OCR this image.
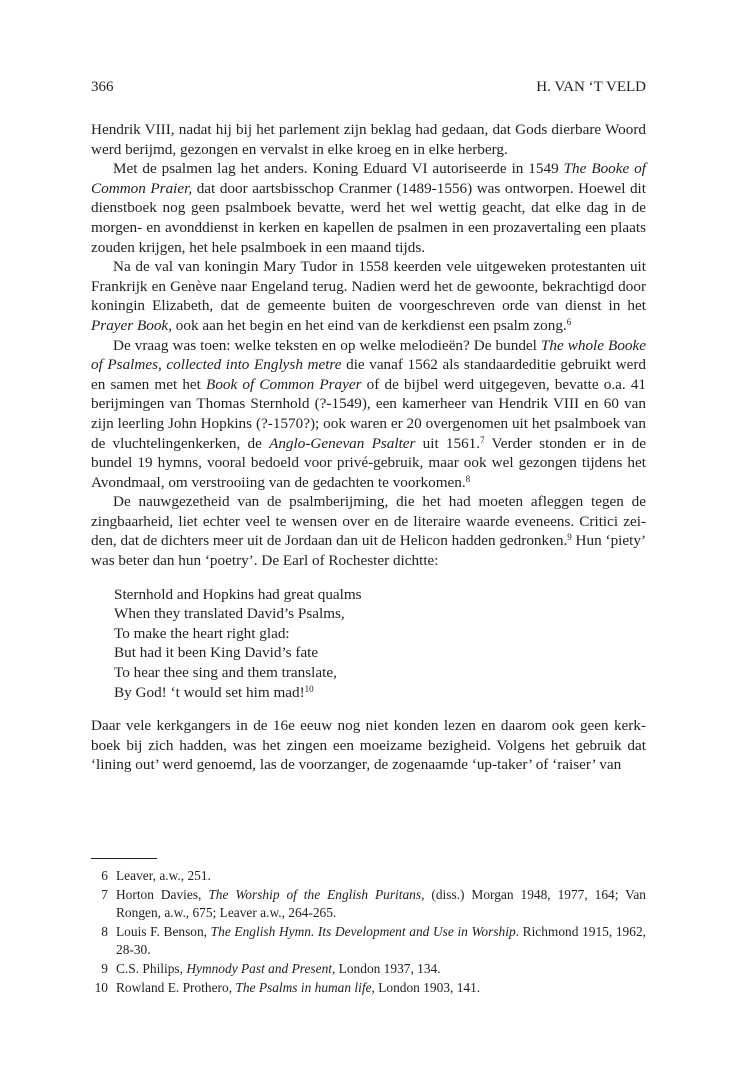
366	H. VAN ‘T VELD

Hendrik VIII, nadat hij bij het parlement zijn beklag had gedaan, dat Gods dierbare Woord werd berijmd, gezongen en vervalst in elke kroeg en in elke herberg.

Met de psalmen lag het anders. Koning Eduard VI autoriseerde in 1549 The Booke of Common Praier, dat door aartsbisschop Cranmer (1489-1556) was ontworpen. Hoewel dit dienstboek nog geen psalmboek bevatte, werd het wel wettig geacht, dat elke dag in de morgen- en avonddienst in kerken en kapellen de psalmen in een prozavertaling een plaats zouden krijgen, het hele psalmboek in een maand tijds.

Na de val van koningin Mary Tudor in 1558 keerden vele uitgeweken protestanten uit Frankrijk en Genève naar Engeland terug. Nadien werd het de gewoonte, bekrachtigd door koningin Elizabeth, dat de gemeente buiten de voorgeschreven orde van dienst in het Prayer Book, ook aan het begin en het eind van de kerkdienst een psalm zong.$^6$

De vraag was toen: welke teksten en op welke melodieën? De bundel The whole Booke of Psalmes, collected into Englysh metre die vanaf 1562 als standaardeditie gebruikt werd en samen met het Book of Common Prayer of de bijbel werd uitgegeven, bevatte o.a. 41 berijmingen van Thomas Sternhold (?-1549), een kamerheer van Hendrik VIII en 60 van zijn leerling John Hopkins (?-1570?); ook waren er 20 overgenomen uit het psalmboek van de vluchtelingenkerken, de Anglo-Genevan Psalter uit 1561.$^7$ Verder stonden er in de bundel 19 hymns, vooral bedoeld voor privé-gebruik, maar ook wel gezongen tijdens het Avondmaal, om verstrooiing van de gedachten te voorkomen.$^8$

De nauwgezetheid van de psalmberijming, die het had moeten afleggen tegen de zingbaarheid, liet echter veel te wensen over en de literaire waarde eveneens. Critici zei-den, dat de dichters meer uit de Jordaan dan uit de Helicon hadden gedronken.$^9$ Hun ‘piety’ was beter dan hun ‘poetry’. De Earl of Rochester dichtte:

Sternhold and Hopkins had great qualms
When they translated David’s Psalms,
To make the heart right glad:
But had it been King David’s fate
To hear thee sing and them translate,
By God! ‘t would set him mad!$^{10}$

Daar vele kerkgangers in de 16e eeuw nog niet konden lezen en daarom ook geen kerk-boek bij zich hadden, was het zingen een moeizame bezigheid. Volgens het gebruik dat ‘lining out’ werd genoemd, las de voorzanger, de zogenaamde ‘up-taker’ of ‘raiser’ van

6 Leaver, a.w., 251.

7 Horton Davies, The Worship of the English Puritans, (diss.) Morgan 1948, 1977, 164; Van Rongen, a.w., 675; Leaver a.w., 264-265.

8 Louis F. Benson, The English Hymn. Its Development and Use in Worship. Richmond 1915, 1962, 28-30.

9 C.S. Philips, Hymnody Past and Present, London 1937, 134.

10 Rowland E. Prothero, The Psalms in human life, London 1903, 141.
